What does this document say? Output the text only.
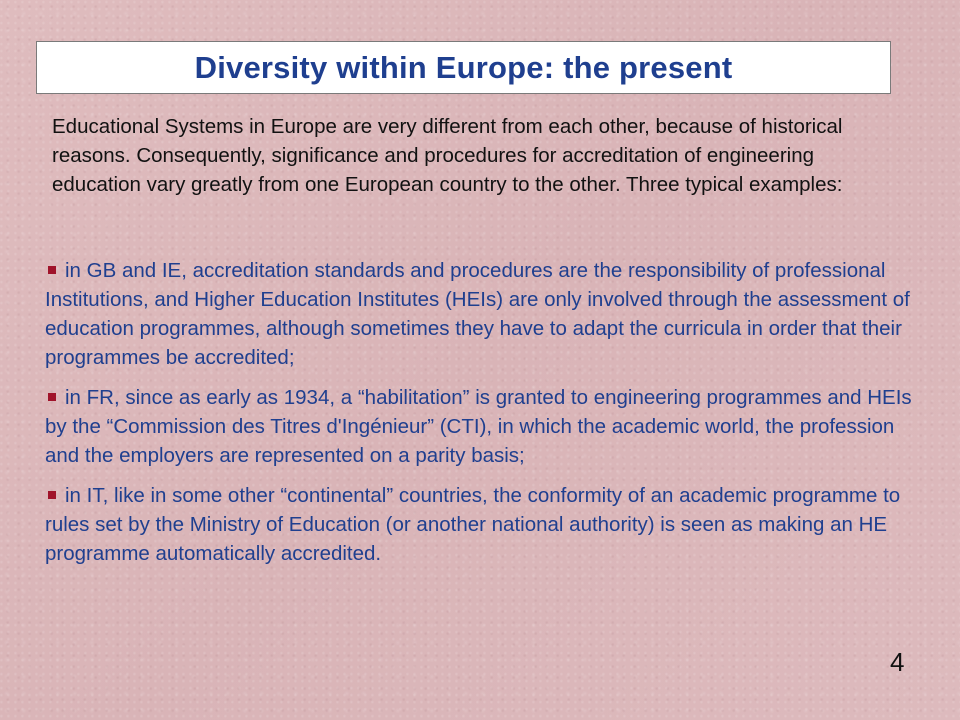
Diversity within Europe: the present

Educational Systems in Europe are very different from each other, because of historical reasons. Consequently, significance and procedures for accreditation of engineering education vary greatly from one European country to the other. Three typical examples:

in GB and IE, accreditation standards and procedures are the responsibility of professional Institutions, and Higher Education Institutes (HEIs) are only involved through the assessment of education programmes, although sometimes they have to adapt the curricula in order that their programmes be accredited;
in FR, since as early as 1934, a “habilitation” is granted to engineering programmes and HEIs by the “Commission des Titres d'Ingénieur” (CTI), in which the academic world, the profession and the employers are represented on a parity basis;
in IT, like in some other “continental” countries, the conformity of an academic programme to rules set by the Ministry of Education (or another national authority) is seen as making an HE programme automatically accredited.
4
